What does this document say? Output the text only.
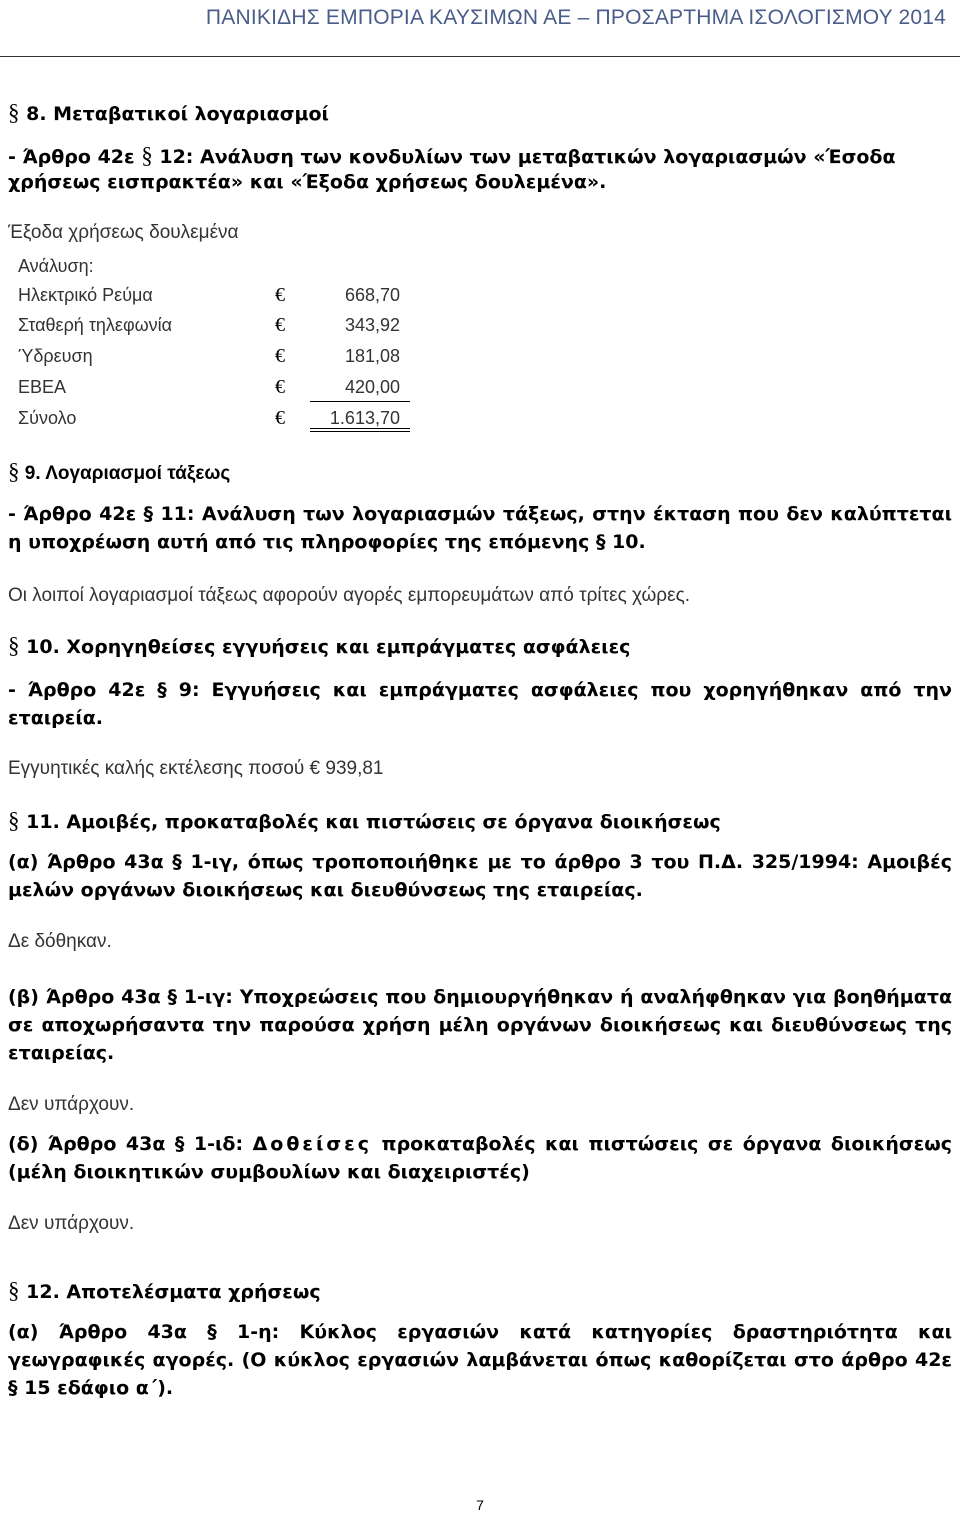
ΠΑΝΙΚΙΔΗΣ ΕΜΠΟΡΙΑ ΚΑΥΣΙΜΩΝ ΑΕ – ΠΡΟΣΑΡΤΗΜΑ ΙΣΟΛΟΓΙΣΜΟΥ 2014
§ 8. Μεταβατικοί λογαριασμοί
- Άρθρο 42ε § 12: Ανάλυση των κονδυλίων των μεταβατικών λογαριασμών «Έσοδα
χρήσεως εισπρακτέα» και «Έξοδα χρήσεως δουλεμένα».
Έξοδα χρήσεως δουλεμένα
Ανάλυση:
Ηλεκτρικό Ρεύμα	€	668,70
Σταθερή τηλεφωνία	€	343,92
Ύδρευση	€	181,08
ΕΒΕΑ	€	420,00
Σύνολο	€	1.613,70
§ 9. Λογαριασμοί τάξεως
- Άρθρο 42ε § 11: Ανάλυση των λογαριασμών τάξεως, στην έκταση που δεν καλύπτεται η υποχρέωση αυτή από τις πληροφορίες της επόμενης § 10.
Οι λοιποί λογαριασμοί τάξεως αφορούν αγορές εμπορευμάτων από τρίτες χώρες.
§ 10. Χορηγηθείσες εγγυήσεις και εμπράγματες ασφάλειες
- Άρθρο 42ε § 9: Εγγυήσεις και εμπράγματες ασφάλειες που χορηγήθηκαν από την εταιρεία.
Εγγυητικές καλής εκτέλεσης ποσού € 939,81
§ 11. Αμοιβές, προκαταβολές και πιστώσεις σε όργανα διοικήσεως
(α) Άρθρο 43α § 1-ιγ, όπως τροποποιήθηκε με το άρθρο 3 του Π.Δ. 325/1994: Αμοιβές μελών οργάνων διοικήσεως και διευθύνσεως της εταιρείας.
Δε δόθηκαν.
(β) Άρθρο 43α § 1-ιγ: Υποχρεώσεις που δημιουργήθηκαν ή αναλήφθηκαν για βοηθήματα σε αποχωρήσαντα την παρούσα χρήση μέλη οργάνων διοικήσεως και διευθύνσεως της εταιρείας.
Δεν υπάρχουν.
(δ) Άρθρο 43α § 1-ιδ: Δοθείσες προκαταβολές και πιστώσεις σε όργανα διοικήσεως (μέλη διοικητικών συμβουλίων και διαχειριστές)
Δεν υπάρχουν.
§ 12. Αποτελέσματα χρήσεως
(α) Άρθρο 43α § 1-η: Κύκλος εργασιών κατά κατηγορίες δραστηριότητα και γεωγραφικές αγορές. (Ο κύκλος εργασιών λαμβάνεται όπως καθορίζεται στο άρθρο 42ε § 15 εδάφιο α΄).
7
